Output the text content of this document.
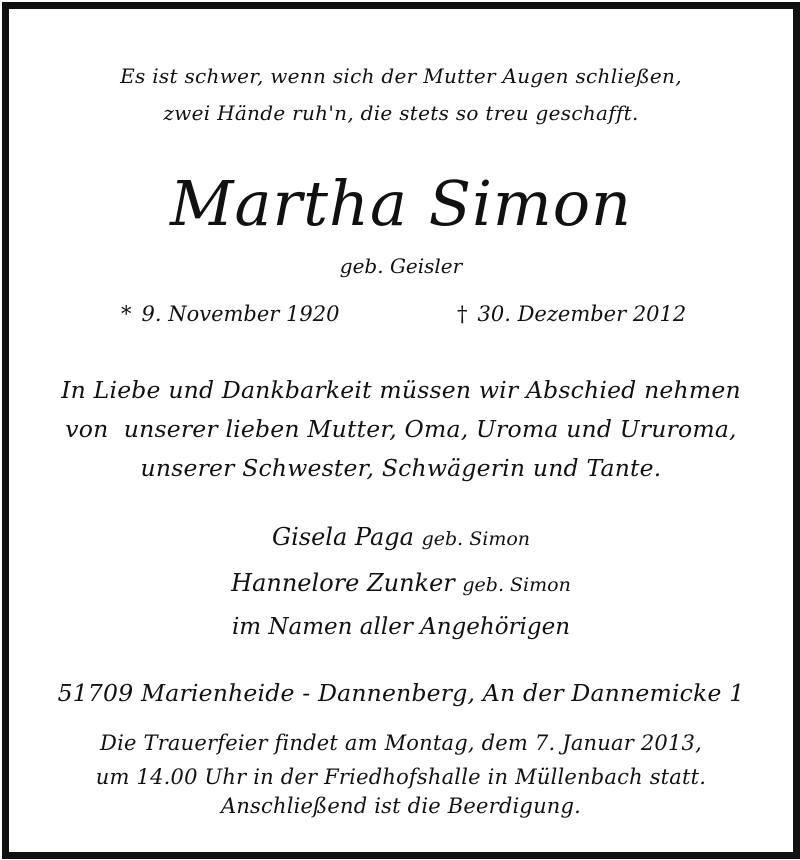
Es ist schwer, wenn sich der Mutter Augen schließen,
zwei Hände ruh'n, die stets so treu geschafft.
Martha Simon
geb. Geisler
* 9. November 1920	† 30. Dezember 2012
In Liebe und Dankbarkeit müssen wir Abschied nehmen
von  unserer lieben Mutter, Oma, Uroma und Ururoma,
unserer Schwester, Schwägerin und Tante.
Gisela Paga geb. Simon
Hannelore Zunker geb. Simon
im Namen aller Angehörigen
51709 Marienheide - Dannenberg, An der Dannemicke 1
Die Trauerfeier findet am Montag, dem 7. Januar 2013,
um 14.00 Uhr in der Friedhofshalle in Müllenbach statt.
Anschließend ist die Beerdigung.
